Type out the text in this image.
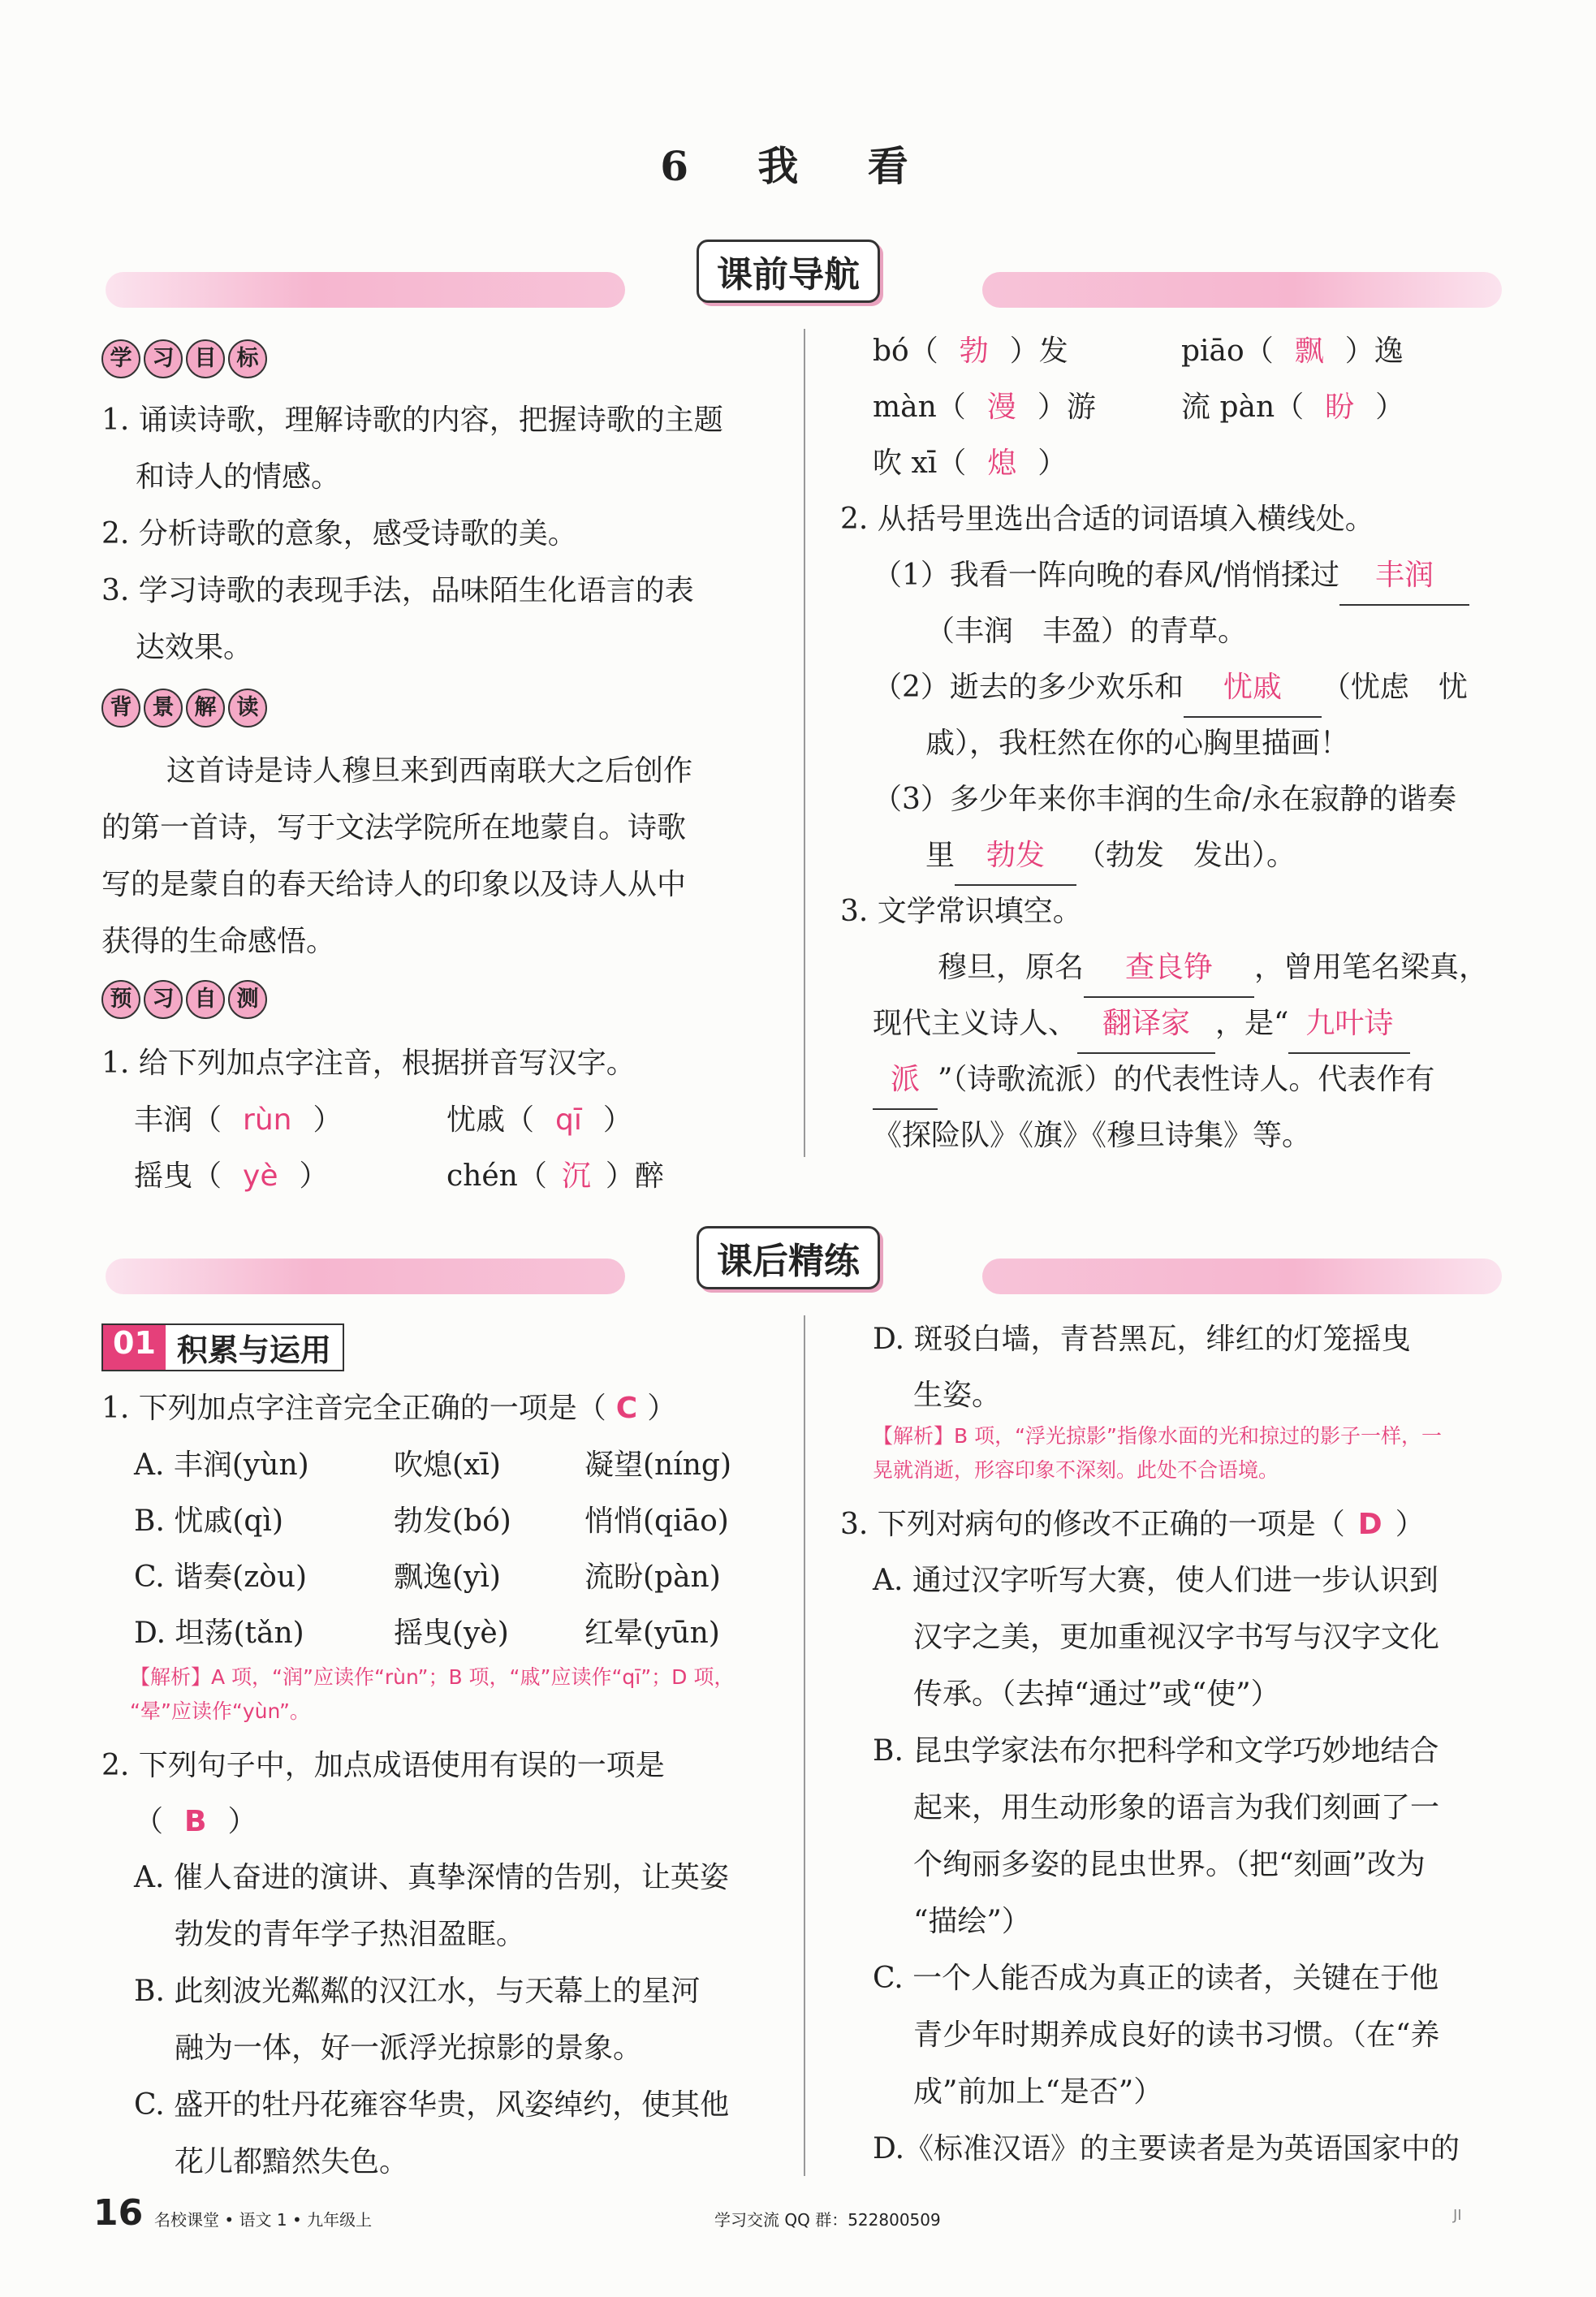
6 我 看
课前导航
学 习 目 标
1. 诵读诗歌，理解诗歌的内容，把握诗歌的主题
和诗人的情感。
2. 分析诗歌的意象，感受诗歌的美。
3. 学习诗歌的表现手法，品味陌生化语言的表
达效果。
背 景 解 读
这首诗是诗人穆旦来到西南联大之后创作
的第一首诗，写于文法学院所在地蒙自。诗歌
写的是蒙自的春天给诗人的印象以及诗人从中
获得的生命感悟。
预 习 自 测
1. 给下列加点字注音，根据拼音写汉字。
丰润（ rùn ）	忧戚（ qī ）
摇曳（ yè ）	chén（ 沉 ）醉
bó（ 勃 ）发	piāo（ 飘 ）逸
màn（ 漫 ）游	流 pàn（ 盼 ）
吹 xī（ 熄 ）
2. 从括号里选出合适的词语填入横线处。
（1）我看一阵向晚的春风/悄悄揉过 丰润
（丰润　丰盈）的青草。
（2）逝去的多少欢乐和 忧戚 （忧虑　忧
戚），我枉然在你的心胸里描画！
（3）多少年来你丰润的生命/永在寂静的谐奏
里 勃发 （勃发　发出）。
3. 文学常识填空。
穆旦，原名 查良铮 ，曾用笔名梁真，
现代主义诗人、 翻译家 ，是“ 九叶诗
派 ”（诗歌流派）的代表性诗人。代表作有
《探险队》《旗》《穆旦诗集》等。
课后精练
01 积累与运用
1. 下列加点字注音完全正确的一项是（ C ）
A. 丰润(yùn)	吹熄(xī)	凝望(níng)
B. 忧戚(qì)	勃发(bó)	悄悄(qiāo)
C. 谐奏(zòu)	飘逸(yì)	流盼(pàn)
D. 坦荡(tǎn)	摇曳(yè)	红晕(yūn)
【解析】A 项，“润”应读作“rùn”；B 项，“戚”应读作“qī”；D 项，
“晕”应读作“yùn”。
2. 下列句子中，加点成语使用有误的一项是
（ B ）
A. 催人奋进的演讲、真挚深情的告别，让英姿
勃发的青年学子热泪盈眶。
B. 此刻波光粼粼的汉江水，与天幕上的星河
融为一体，好一派浮光掠影的景象。
C. 盛开的牡丹花雍容华贵，风姿绰约，使其他
花儿都黯然失色。
D. 斑驳白墙，青苔黑瓦，绯红的灯笼摇曳
生姿。
【解析】B 项，“浮光掠影”指像水面的光和掠过的影子一样，一
晃就消逝，形容印象不深刻。此处不合语境。
3. 下列对病句的修改不正确的一项是（ D ）
A. 通过汉字听写大赛，使人们进一步认识到
汉字之美，更加重视汉字书写与汉字文化
传承。（去掉“通过”或“使”）
B. 昆虫学家法布尔把科学和文学巧妙地结合
起来，用生动形象的语言为我们刻画了一
个绚丽多姿的昆虫世界。（把“刻画”改为
“描绘”）
C. 一个人能否成为真正的读者，关键在于他
青少年时期养成良好的读书习惯。（在“养
成”前加上“是否”）
D.《标准汉语》的主要读者是为英语国家中的
16 名校课堂 • 语文 1 • 九年级上	学习交流 QQ 群：522800509	JI
